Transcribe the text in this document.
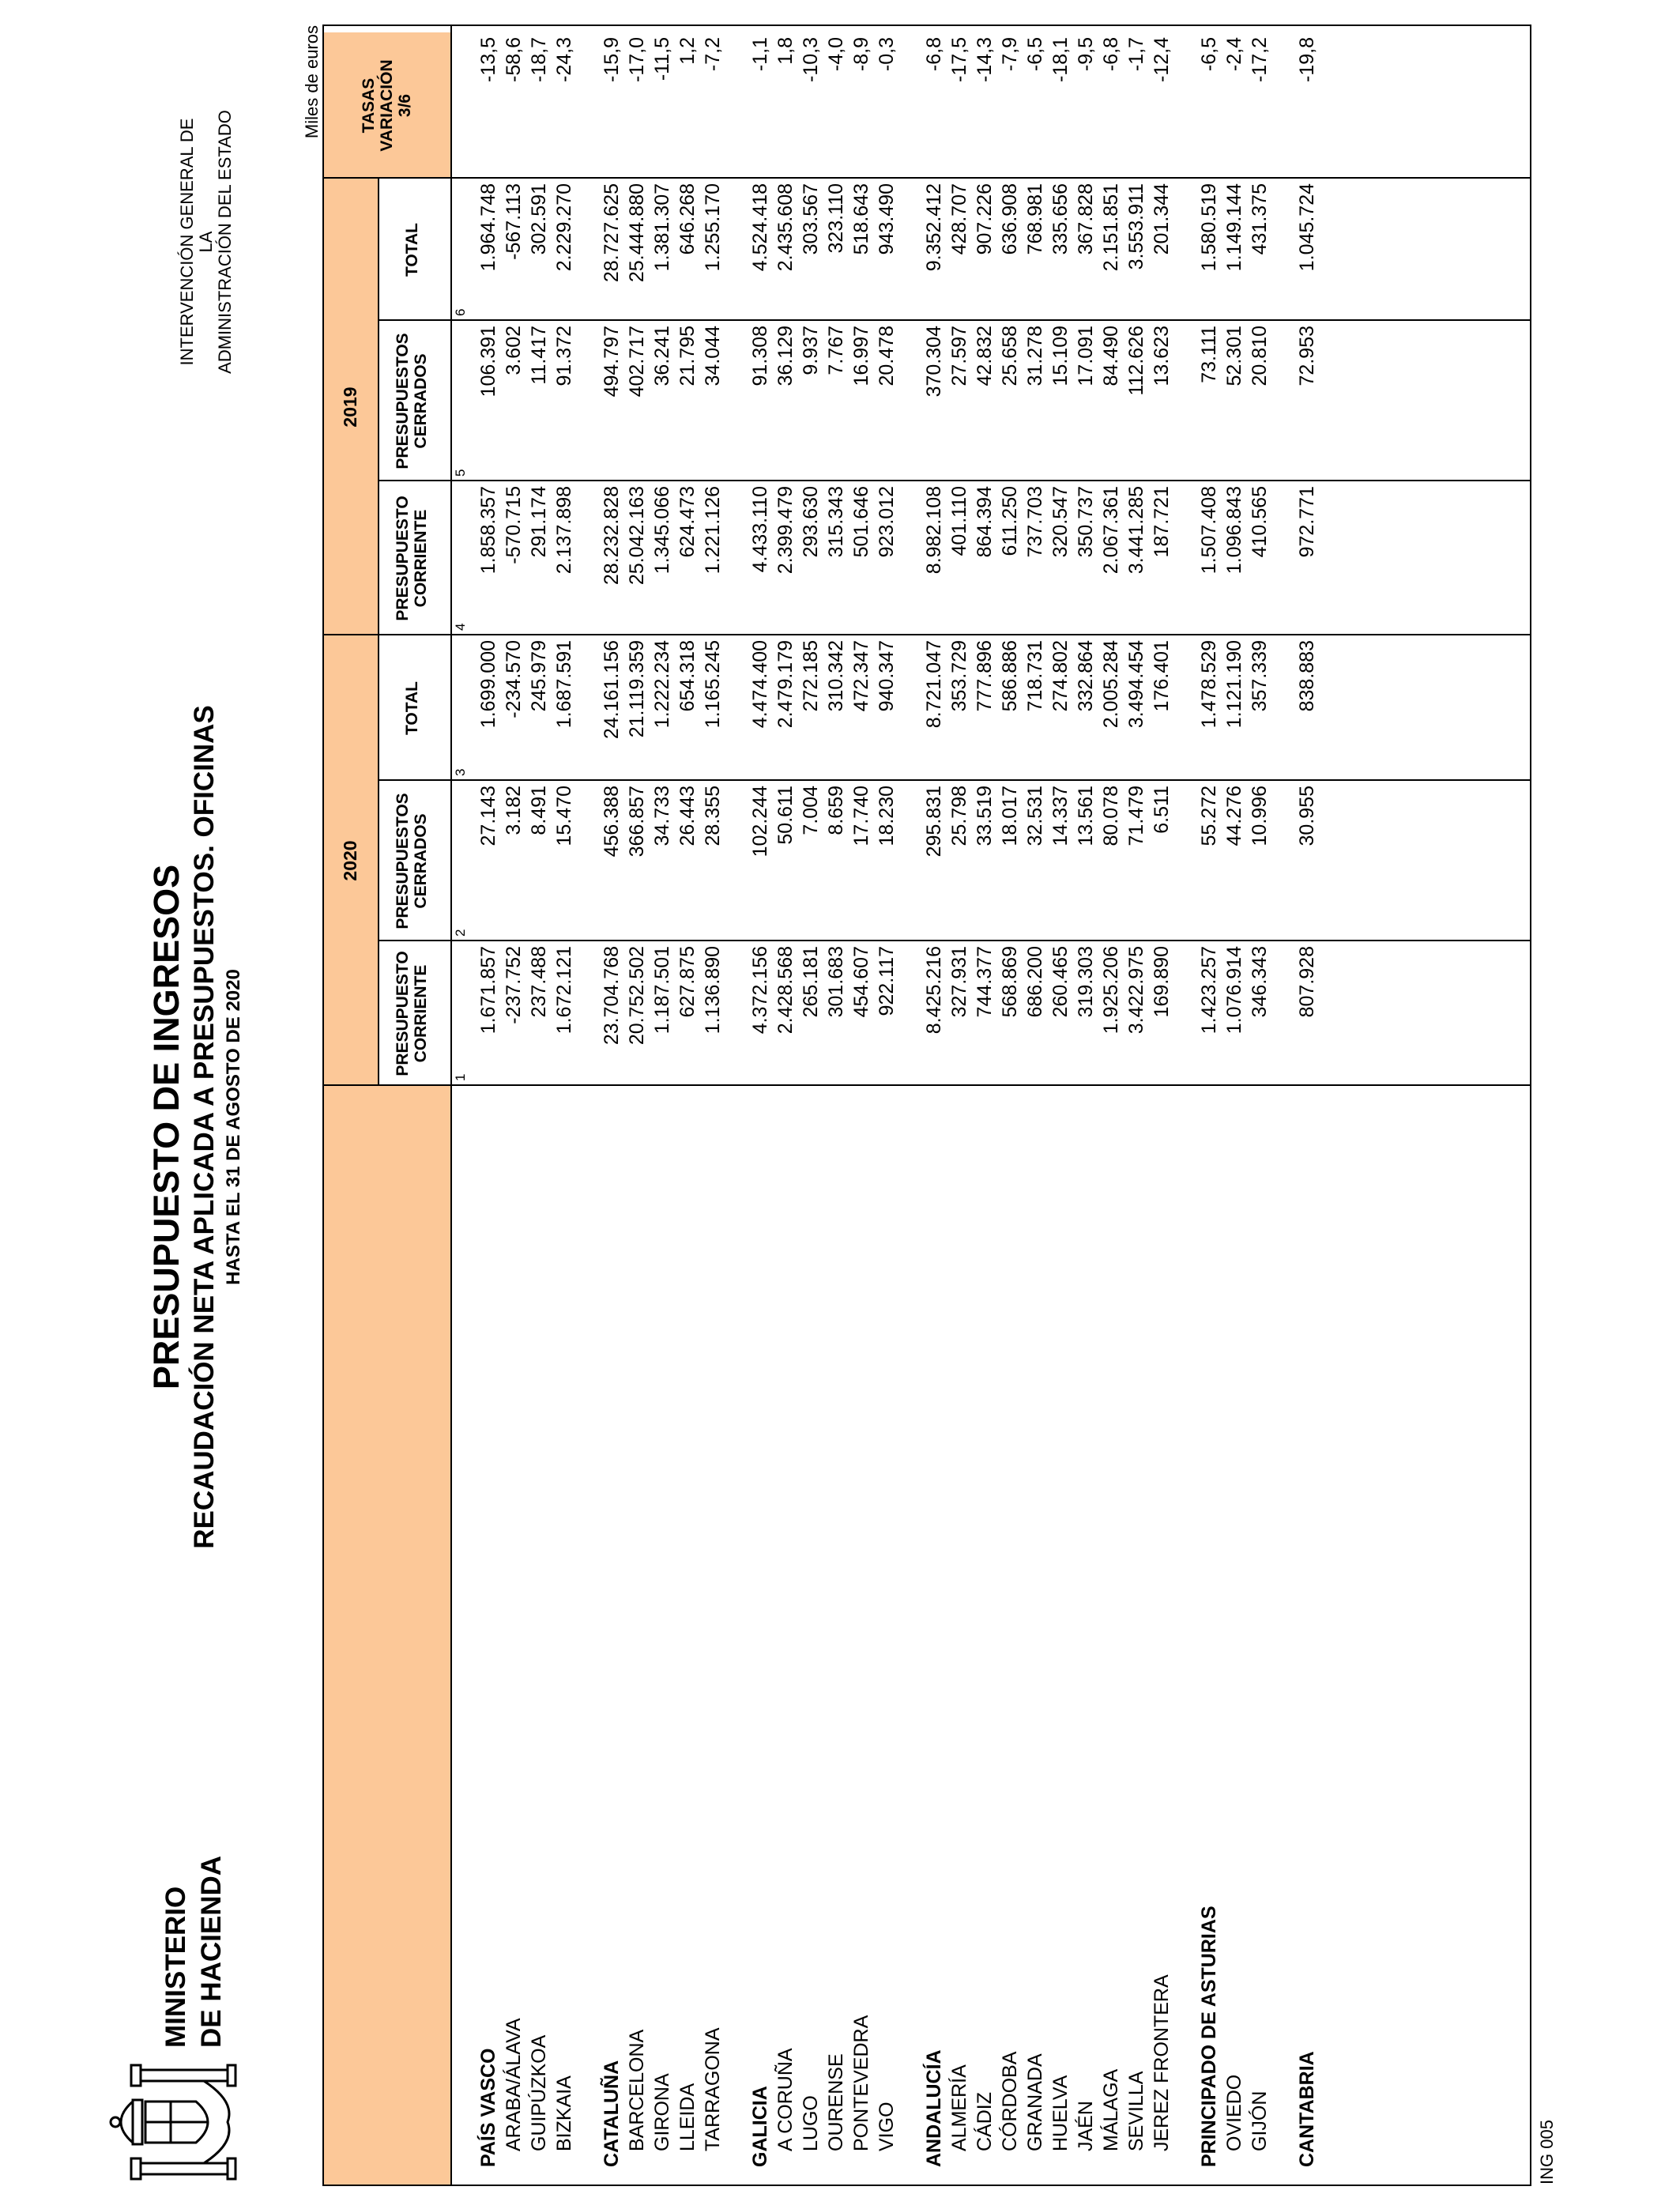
MINISTERIO DE HACIENDA
PRESUPUESTO DE INGRESOS RECAUDACIÓN NETA APLICADA A PRESUPUESTOS. OFICINAS HASTA EL 31 DE AGOSTO DE 2020
INTERVENCIÓN GENERAL DE LA ADMINISTRACIÓN DEL ESTADO
Miles de euros
2020
2019
PRESUPUESTO CORRIENTE
PRESUPUESTOS CERRADOS
TOTAL
PRESUPUESTO CORRIENTE
PRESUPUESTOS CERRADOS
TOTAL
TASAS VARIACIÓN 3/6
1
2
3
4
5
6
PAÍS VASCO
1.671.857
27.143
1.699.000
1.858.357
106.391
1.964.748
-13,5
ARABA/ÁLAVA
-237.752
3.182
-234.570
-570.715
3.602
-567.113
-58,6
GUIPÚZKOA
237.488
8.491
245.979
291.174
11.417
302.591
-18,7
BIZKAIA
1.672.121
15.470
1.687.591
2.137.898
91.372
2.229.270
-24,3
CATALUÑA
23.704.768
456.388
24.161.156
28.232.828
494.797
28.727.625
-15,9
BARCELONA
20.752.502
366.857
21.119.359
25.042.163
402.717
25.444.880
-17,0
GIRONA
1.187.501
34.733
1.222.234
1.345.066
36.241
1.381.307
-11,5
LLEIDA
627.875
26.443
654.318
624.473
21.795
646.268
1,2
TARRAGONA
1.136.890
28.355
1.165.245
1.221.126
34.044
1.255.170
-7,2
GALICIA
4.372.156
102.244
4.474.400
4.433.110
91.308
4.524.418
-1,1
A CORUÑA
2.428.568
50.611
2.479.179
2.399.479
36.129
2.435.608
1,8
LUGO
265.181
7.004
272.185
293.630
9.937
303.567
-10,3
OURENSE
301.683
8.659
310.342
315.343
7.767
323.110
-4,0
PONTEVEDRA
454.607
17.740
472.347
501.646
16.997
518.643
-8,9
VIGO
922.117
18.230
940.347
923.012
20.478
943.490
-0,3
ANDALUCÍA
8.425.216
295.831
8.721.047
8.982.108
370.304
9.352.412
-6,8
ALMERÍA
327.931
25.798
353.729
401.110
27.597
428.707
-17,5
CÁDIZ
744.377
33.519
777.896
864.394
42.832
907.226
-14,3
CÓRDOBA
568.869
18.017
586.886
611.250
25.658
636.908
-7,9
GRANADA
686.200
32.531
718.731
737.703
31.278
768.981
-6,5
HUELVA
260.465
14.337
274.802
320.547
15.109
335.656
-18,1
JAÉN
319.303
13.561
332.864
350.737
17.091
367.828
-9,5
MÁLAGA
1.925.206
80.078
2.005.284
2.067.361
84.490
2.151.851
-6,8
SEVILLA
3.422.975
71.479
3.494.454
3.441.285
112.626
3.553.911
-1,7
JEREZ FRONTERA
169.890
6.511
176.401
187.721
13.623
201.344
-12,4
PRINCIPADO DE ASTURIAS
1.423.257
55.272
1.478.529
1.507.408
73.111
1.580.519
-6,5
OVIEDO
1.076.914
44.276
1.121.190
1.096.843
52.301
1.149.144
-2,4
GIJÓN
346.343
10.996
357.339
410.565
20.810
431.375
-17,2
CANTABRIA
807.928
30.955
838.883
972.771
72.953
1.045.724
-19,8
ING 005
